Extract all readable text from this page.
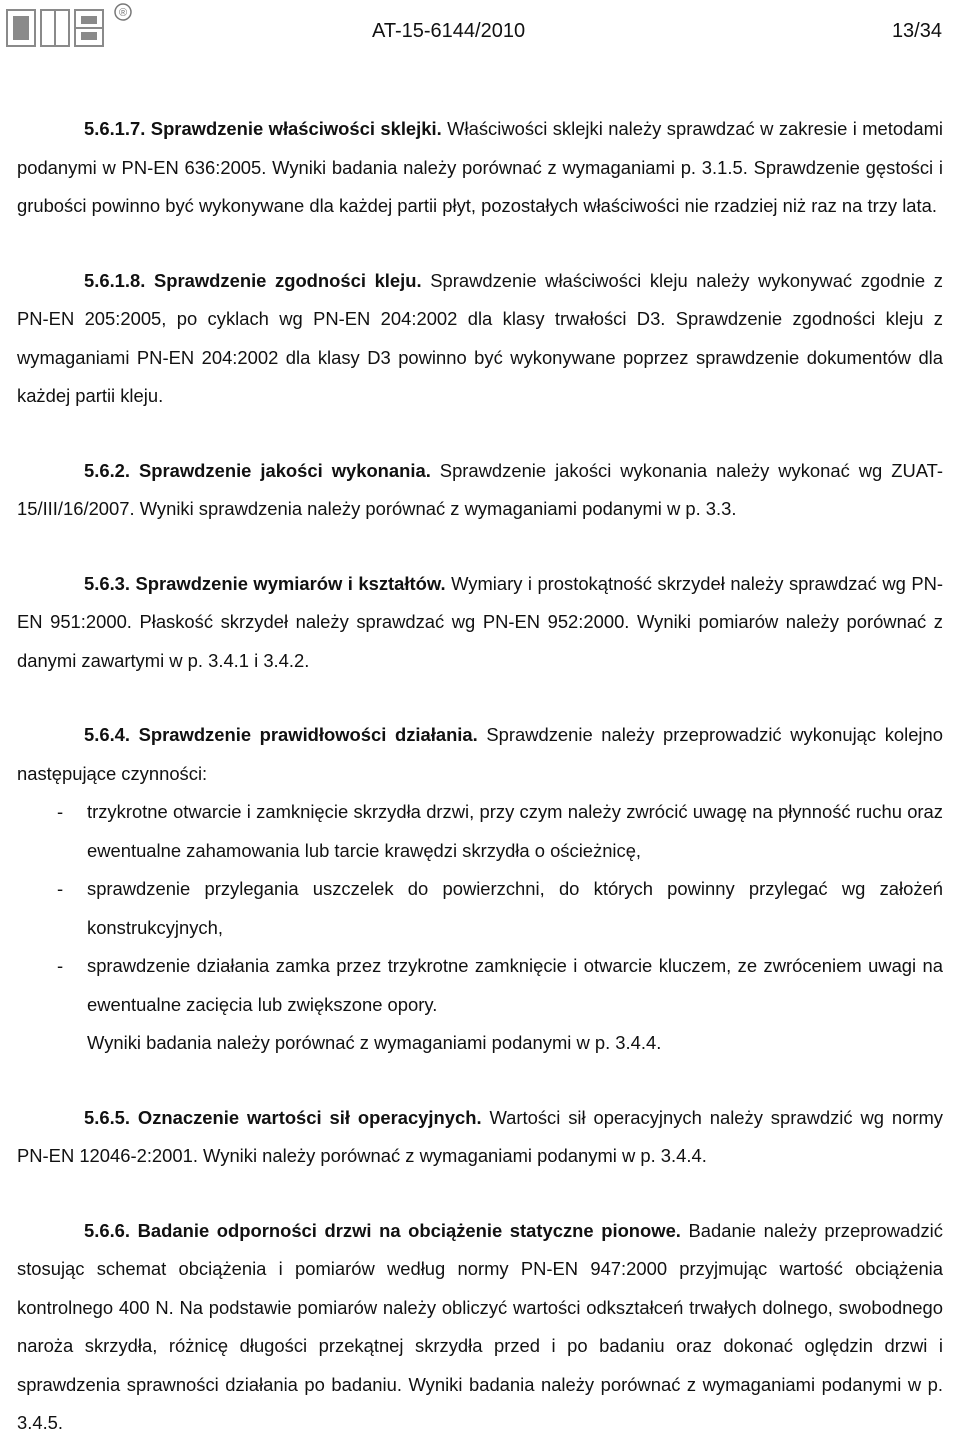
®
AT-15-6144/2010	13/34

5.6.1.7. Sprawdzenie właściwości sklejki. Właściwości sklejki należy sprawdzać w zakresie i metodami podanymi w PN-EN 636:2005. Wyniki badania należy porównać z wymaganiami p. 3.1.5. Sprawdzenie gęstości i grubości powinno być wykonywane dla każdej partii płyt, pozostałych właściwości nie rzadziej niż raz na trzy lata.

5.6.1.8. Sprawdzenie zgodności kleju. Sprawdzenie właściwości kleju należy wykonywać zgodnie z PN-EN 205:2005, po cyklach wg PN-EN 204:2002 dla klasy trwałości D3. Sprawdzenie zgodności kleju z wymaganiami PN-EN 204:2002 dla klasy D3 powinno być wykonywane poprzez sprawdzenie dokumentów dla każdej partii kleju.

5.6.2. Sprawdzenie jakości wykonania. Sprawdzenie jakości wykonania należy wykonać wg ZUAT-15/III/16/2007. Wyniki sprawdzenia należy porównać z wymaganiami podanymi w p. 3.3.

5.6.3. Sprawdzenie wymiarów i kształtów. Wymiary i prostokątność skrzydeł należy sprawdzać wg PN-EN 951:2000. Płaskość skrzydeł należy sprawdzać wg PN-EN 952:2000. Wyniki pomiarów należy porównać z danymi zawartymi w p. 3.4.1 i 3.4.2.

5.6.4. Sprawdzenie prawidłowości działania. Sprawdzenie należy przeprowadzić wykonując kolejno następujące czynności:

- trzykrotne otwarcie i zamknięcie skrzydła drzwi, przy czym należy zwrócić uwagę na płynność ruchu oraz ewentualne zahamowania lub tarcie krawędzi skrzydła o ościeżnicę,
- sprawdzenie przylegania uszczelek do powierzchni, do których powinny przylegać wg założeń konstrukcyjnych,
- sprawdzenie działania zamka przez trzykrotne zamknięcie i otwarcie kluczem, ze zwróceniem uwagi na ewentualne zacięcia lub zwiększone opory.

Wyniki badania należy porównać z wymaganiami podanymi w p. 3.4.4.

5.6.5. Oznaczenie wartości sił operacyjnych. Wartości sił operacyjnych należy sprawdzić wg normy PN-EN 12046-2:2001. Wyniki należy porównać z wymaganiami podanymi w p. 3.4.4.

5.6.6. Badanie odporności drzwi na obciążenie statyczne pionowe. Badanie należy przeprowadzić stosując schemat obciążenia i pomiarów według normy PN-EN 947:2000 przyjmując wartość obciążenia kontrolnego 400 N. Na podstawie pomiarów należy obliczyć wartości odkształceń trwałych dolnego, swobodnego naroża skrzydła, różnicę długości przekątnej skrzydła przed i po badaniu oraz dokonać oględzin drzwi i sprawdzenia sprawności działania po badaniu. Wyniki badania należy porównać z wymaganiami podanymi w p. 3.4.5.
